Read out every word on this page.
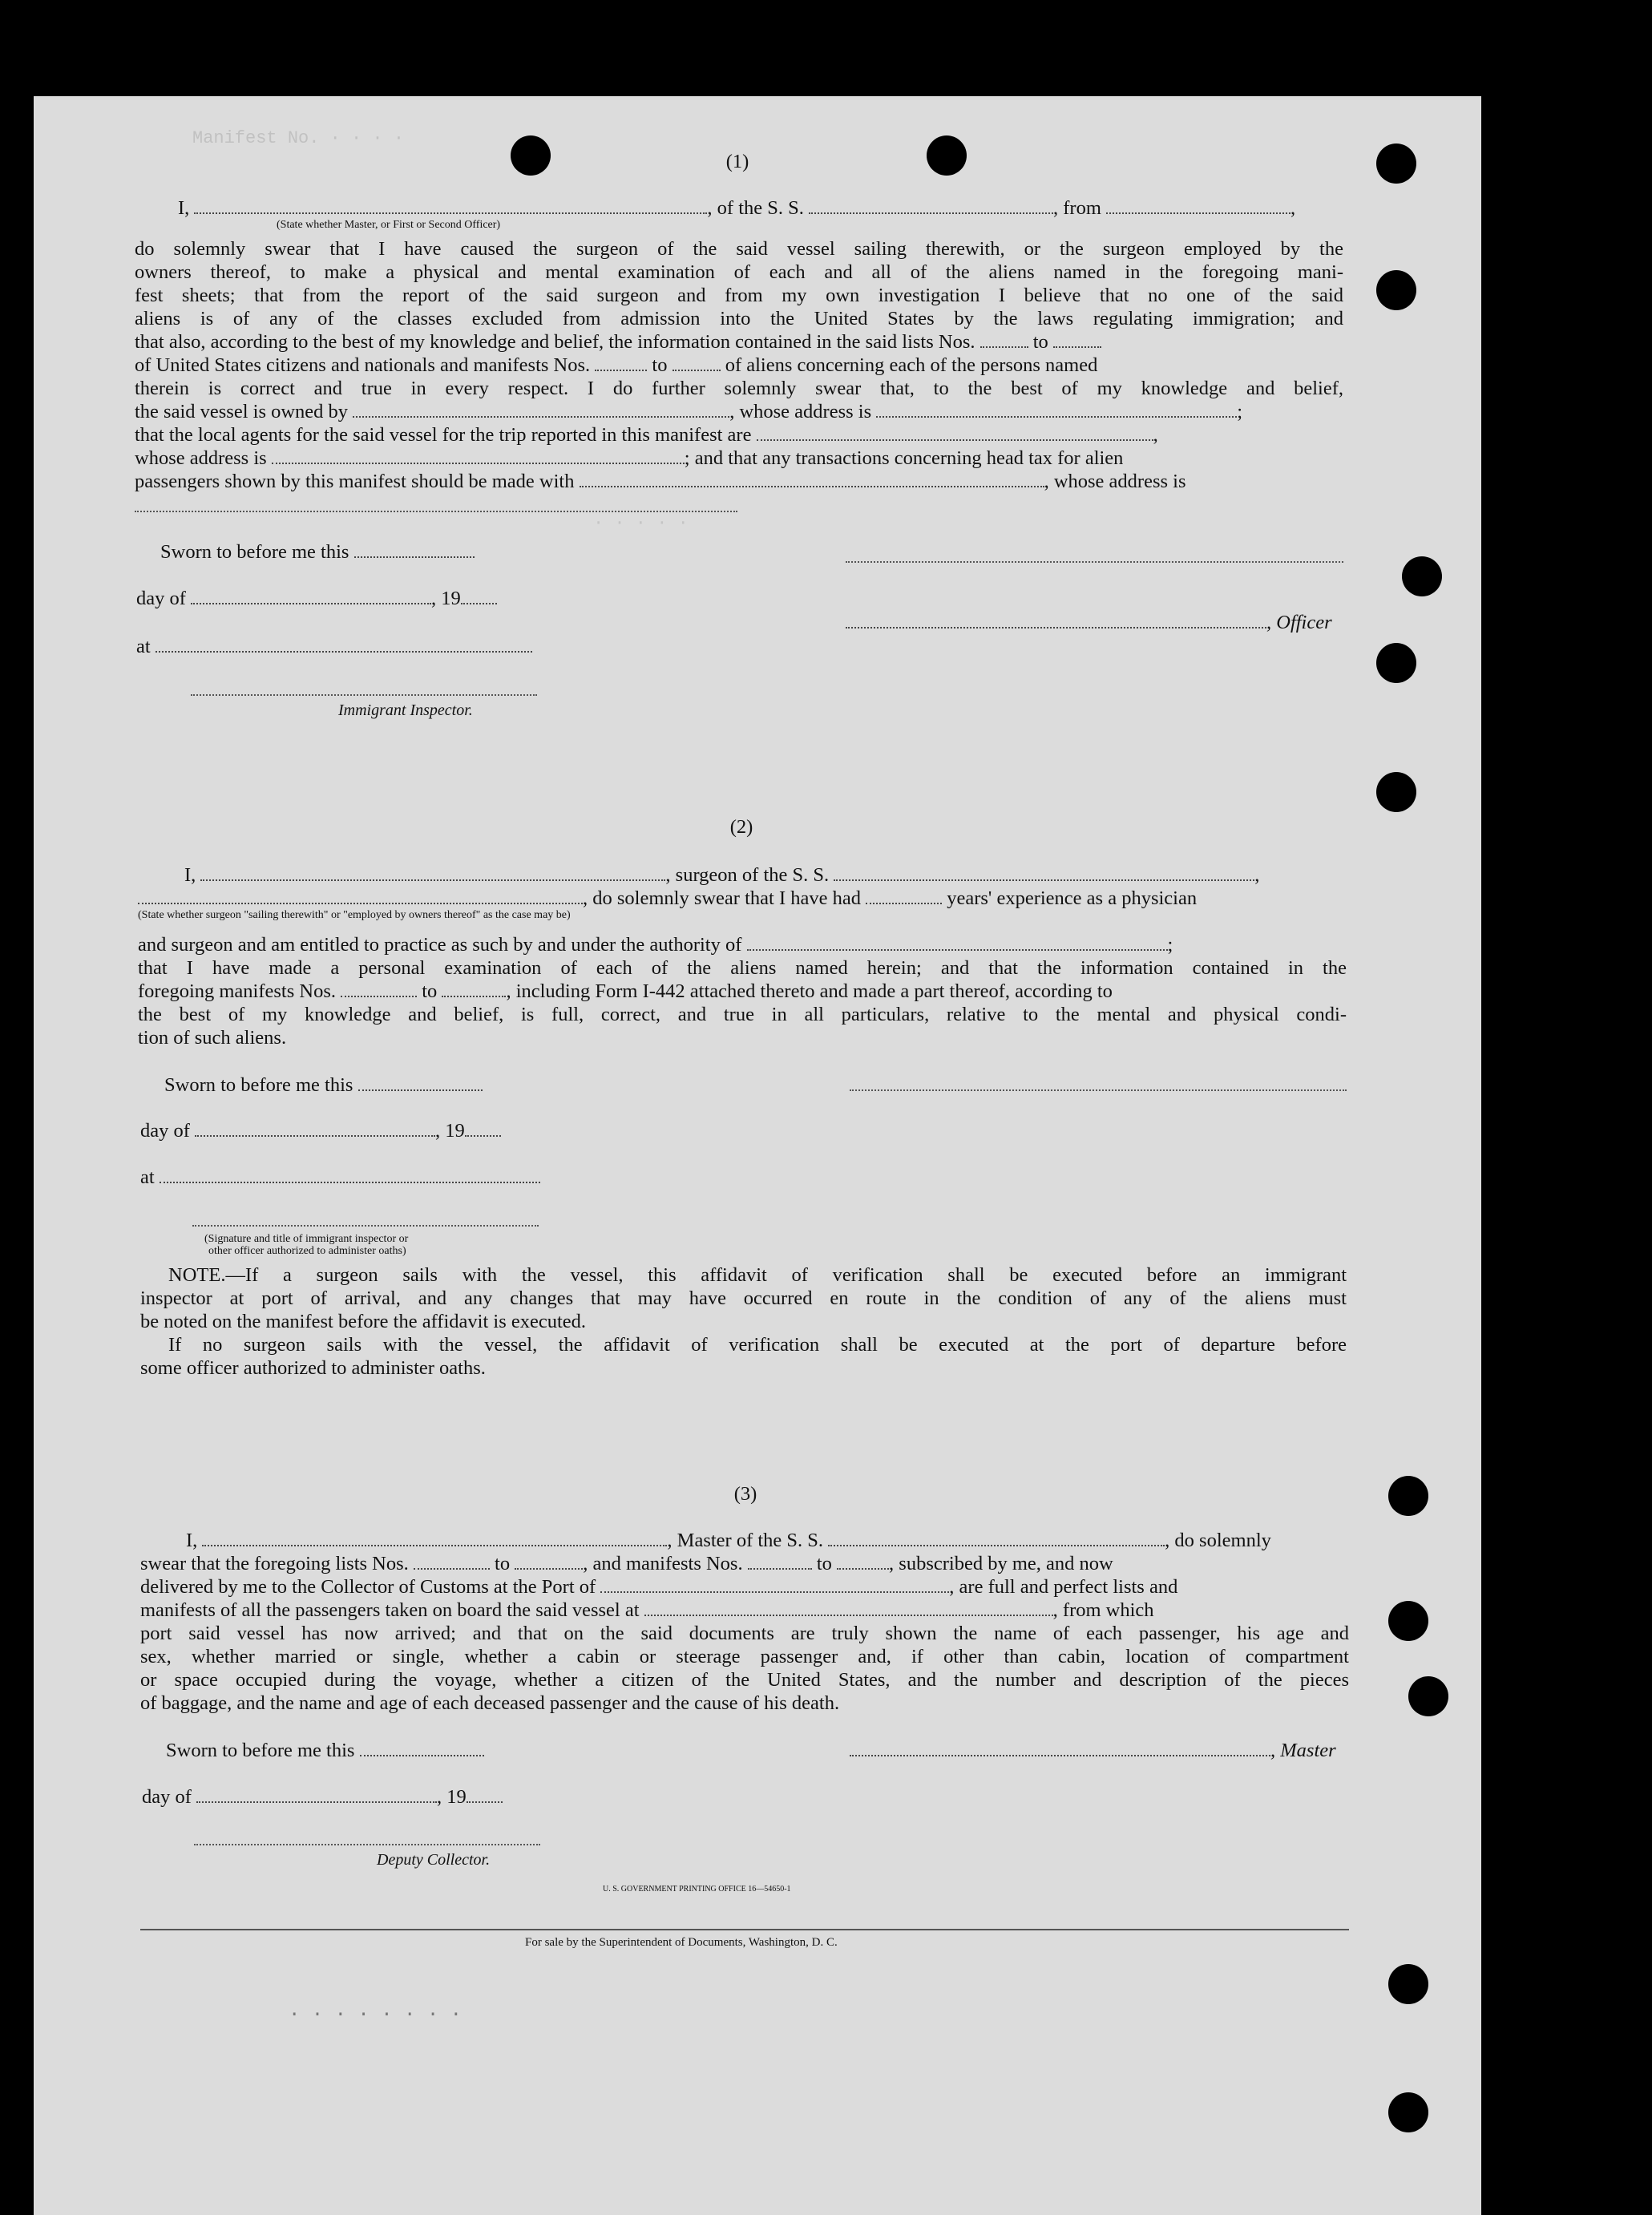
Manifest No. · · · ·
· · · · ·
· · · · · · · ·
(1)
I,	, of the S. S.	, from	,
(State whether Master, or First or Second Officer)
do solemnly swear that I have caused the surgeon of the said vessel sailing therewith, or the surgeon employed by the
owners thereof, to make a physical and mental examination of each and all of the aliens named in the foregoing mani-
fest sheets; that from the report of the said surgeon and from my own investigation I believe that no one of the said
aliens is of any of the classes excluded from admission into the United States by the laws regulating immigration; and
that also, according to the best of my knowledge and belief, the information contained in the said lists Nos.	to
of United States citizens and nationals and manifests Nos.	to	of aliens concerning each of the persons named
therein is correct and true in every respect. I do further solemnly swear that, to the best of my knowledge and belief,
the said vessel is owned by	, whose address is	;
that the local agents for the said vessel for the trip reported in this manifest are	,
whose address is	; and that any transactions concerning head tax for alien
passengers shown by this manifest should be made with	, whose address is
Sworn to before me this
day of	, 19
, Officer
at
Immigrant Inspector.
(2)
I,	, surgeon of the S. S.	,
, do solemnly swear that I have had	years' experience as a physician
(State whether surgeon "sailing therewith" or "employed by owners thereof" as the case may be)
and surgeon and am entitled to practice as such by and under the authority of	;
that I have made a personal examination of each of the aliens named herein; and that the information contained in the
foregoing manifests Nos.	to	, including Form I-442 attached thereto and made a part thereof, according to
the best of my knowledge and belief, is full, correct, and true in all particulars, relative to the mental and physical condi-
tion of such aliens.
Sworn to before me this
day of	, 19
at
(Signature and title of immigrant inspector or
other officer authorized to administer oaths)
NOTE.—If a surgeon sails with the vessel, this affidavit of verification shall be executed before an immigrant
inspector at port of arrival, and any changes that may have occurred en route in the condition of any of the aliens must
be noted on the manifest before the affidavit is executed.
If no surgeon sails with the vessel, the affidavit of verification shall be executed at the port of departure before
some officer authorized to administer oaths.
(3)
I,	, Master of the S. S.	, do solemnly
swear that the foregoing lists Nos.	to	, and manifests Nos.	to	, subscribed by me, and now
delivered by me to the Collector of Customs at the Port of	, are full and perfect lists and
manifests of all the passengers taken on board the said vessel at	, from which
port said vessel has now arrived; and that on the said documents are truly shown the name of each passenger, his age and
sex, whether married or single, whether a cabin or steerage passenger and, if other than cabin, location of compartment
or space occupied during the voyage, whether a citizen of the United States, and the number and description of the pieces
of baggage, and the name and age of each deceased passenger and the cause of his death.
Sworn to before me this	, Master
day of	, 19
Deputy Collector.
U. S. GOVERNMENT PRINTING OFFICE 16—54650-1
For sale by the Superintendent of Documents, Washington, D. C.
